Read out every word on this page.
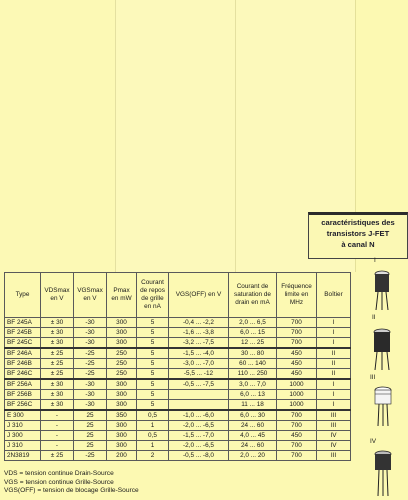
caractéristiques des
transistors J-FET
à canal N
Type	VDSmax en V	VGSmax en V	Pmax en mW	Courant de repos de grille en nA	VGS(OFF) en V	Courant de saturation de drain en mA	Fréquence limite en MHz	Boîtier
BF 245A	± 30	-30	300	5	-0,4 ... -2,2	2,0 ... 6,5	700	I
BF 245B	± 30	-30	300	5	-1,6 ... -3,8	6,0 ... 15	700	I
BF 245C	± 30	-30	300	5	-3,2 ... -7,5	12 ... 25	700	I
BF 246A	± 25	-25	250	5	-1,5 ... -4,0	30 ... 80	450	II
BF 246B	± 25	-25	250	5	-3,0 ... -7,0	60 ... 140	450	II
BF 246C	± 25	-25	250	5	-5,5 ... -12	110 ... 250	450	II
BF 256A	± 30	-30	300	5	-0,5 ... -7,5	3,0 ... 7,0	1000	I
BF 256B	± 30	-30	300	5		6,0 ... 13	1000	I
BF 256C	± 30	-30	300	5		11 ... 18	1000	I
E 300	-	25	350	0,5	-1,0 ... -6,0	6,0 ... 30	700	III
J 310	-	25	300	1	-2,0 ... -6,5	24 ... 60	700	III
J 300	-	25	300	0,5	-1,5 ... -7,0	4,0 ... 45	450	IV
J 310	-	25	300	1	-2,0 ... -6,5	24 ... 60	700	IV
2N3819	± 25	-25	200	2	-0,5 ... -8,0	2,0 ... 20	700	III
VDS = tension continue Drain-Source
VGS = tension continue Grille-Source
VGS(OFF) = tension de blocage Grille-Source
I
II
III
IV
